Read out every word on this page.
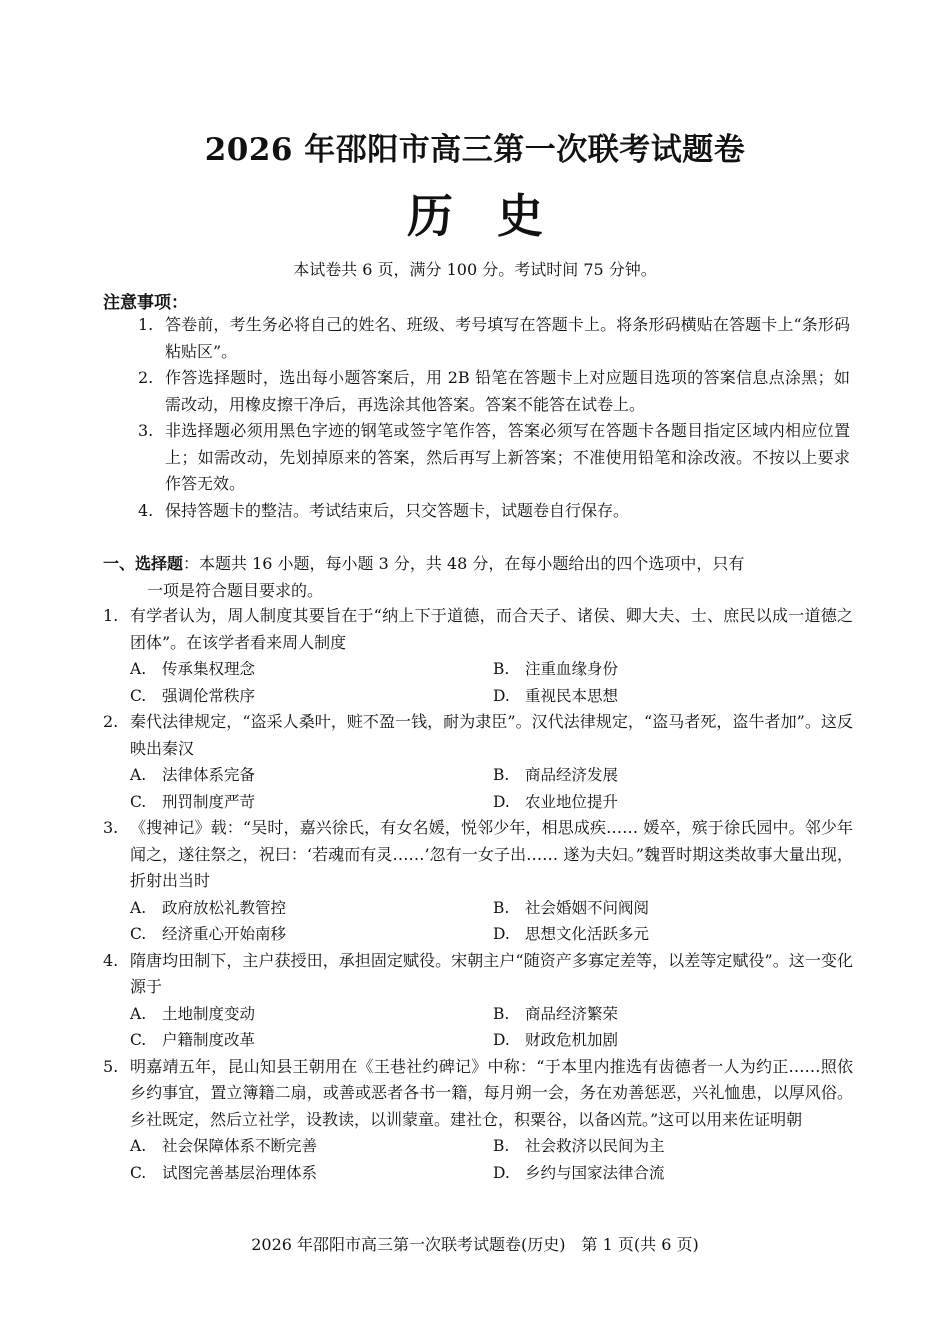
2026 年邵阳市高三第一次联考试题卷
历 史
本试卷共 6 页，满分 100 分。考试时间 75 分钟。
注意事项：
1. 答卷前，考生务必将自己的姓名、班级、考号填写在答题卡上。将条形码横贴在答题卡上“条形码粘贴区”。
2. 作答选择题时，选出每小题答案后，用 2B 铅笔在答题卡上对应题目选项的答案信息点涂黑；如需改动，用橡皮擦干净后，再选涂其他答案。答案不能答在试卷上。
3. 非选择题必须用黑色字迹的钢笔或签字笔作答，答案必须写在答题卡各题目指定区域内相应位置上；如需改动，先划掉原来的答案，然后再写上新答案；不准使用铅笔和涂改液。不按以上要求作答无效。
4. 保持答题卡的整洁。考试结束后，只交答题卡，试题卷自行保存。
一、选择题：本题共 16 小题，每小题 3 分，共 48 分，在每小题给出的四个选项中，只有
一项是符合题目要求的。
1. 有学者认为，周人制度其要旨在于“纳上下于道德，而合天子、诸侯、卿大夫、士、庶民以成一道德之团体”。在该学者看来周人制度
A. 传承集权理念	B. 注重血缘身份
C. 强调伦常秩序	D. 重视民本思想
2. 秦代法律规定，“盗采人桑叶，赃不盈一钱，耐为隶臣”。汉代法律规定，“盗马者死，盗牛者加”。这反映出秦汉
A. 法律体系完备	B. 商品经济发展
C. 刑罚制度严苛	D. 农业地位提升
3. 《搜神记》载：“吴时，嘉兴徐氏，有女名媛，悦邻少年，相思成疾…… 媛卒，殡于徐氏园中。邻少年闻之，遂往祭之，祝曰：‘若魂而有灵……’忽有一女子出…… 遂为夫妇。”魏晋时期这类故事大量出现，折射出当时
A. 政府放松礼教管控	B. 社会婚姻不问阀阅
C. 经济重心开始南移	D. 思想文化活跃多元
4. 隋唐均田制下，主户获授田，承担固定赋役。宋朝主户“随资产多寡定差等，以差等定赋役”。这一变化源于
A. 土地制度变动	B. 商品经济繁荣
C. 户籍制度改革	D. 财政危机加剧
5. 明嘉靖五年，昆山知县王朝用在《王巷社约碑记》中称：“于本里内推选有齿德者一人为约正……照依乡约事宜，置立簿籍二扇，或善或恶者各书一籍，每月朔一会，务在劝善惩恶，兴礼恤患，以厚风俗。乡社既定，然后立社学，设教读，以训蒙童。建社仓，积粟谷，以备凶荒。”这可以用来佐证明朝
A. 社会保障体系不断完善	B. 社会救济以民间为主
C. 试图完善基层治理体系	D. 乡约与国家法律合流
2026 年邵阳市高三第一次联考试题卷(历史)　第 1 页(共 6 页)
